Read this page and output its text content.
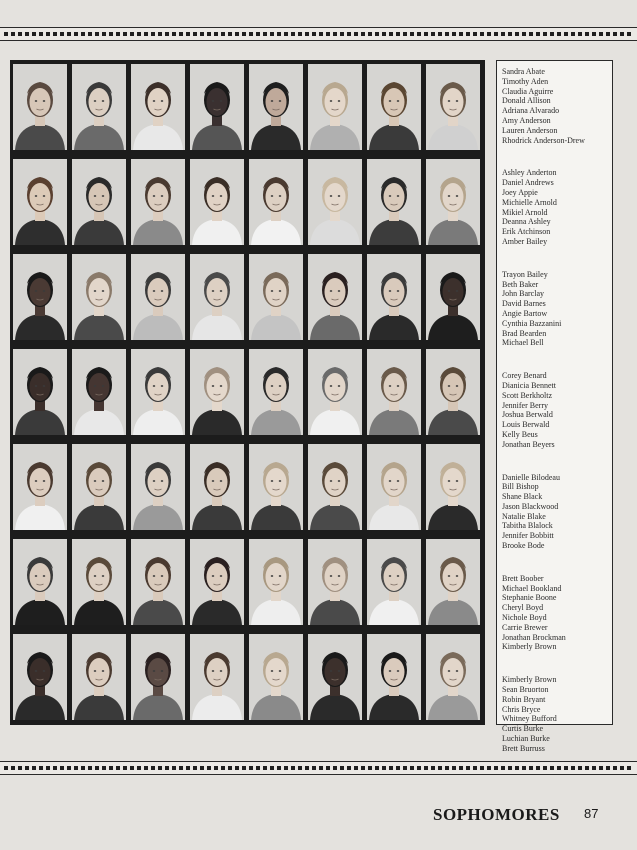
Sandra Abate
Timothy Aden
Claudia Aguirre
Donald Allison
Adriana Alvarado
Amy Anderson
Lauren Anderson
Rhodrick Anderson-Drew
Ashley Anderton
Daniel Andrews
Joey Appie
Michielle Arnold
Mikiel Arnold
Deanna Ashley
Erik Atchinson
Amber Bailey
Trayon Bailey
Beth Baker
John Barclay
David Barnes
Angie Bartow
Cynthia Bazzanini
Brad Bearden
Michael Bell
Corey Benard
Dianicia Bennett
Scott Berkholtz
Jennifer Berry
Joshua Berwald
Louis Berwald
Kelly Beus
Jonathan Beyers
Danielle Bilodeau
Bill Bishop
Shane Black
Jason Blackwood
Natalie Blake
Tabitha Blalock
Jennifer Bobbitt
Brooke Bode
Brett Boober
Michael Bookland
Stephanie Boone
Cheryl Boyd
Nichole Boyd
Carrie Brewer
Jonathan Brockman
Kimberly Brown
Kimberly Brown
Sean Bruorton
Robin Bryant
Chris Bryce
Whitney Bufford
Curtis Burke
Luchian Burke
Brett Burruss
SOPHOMORES 87
